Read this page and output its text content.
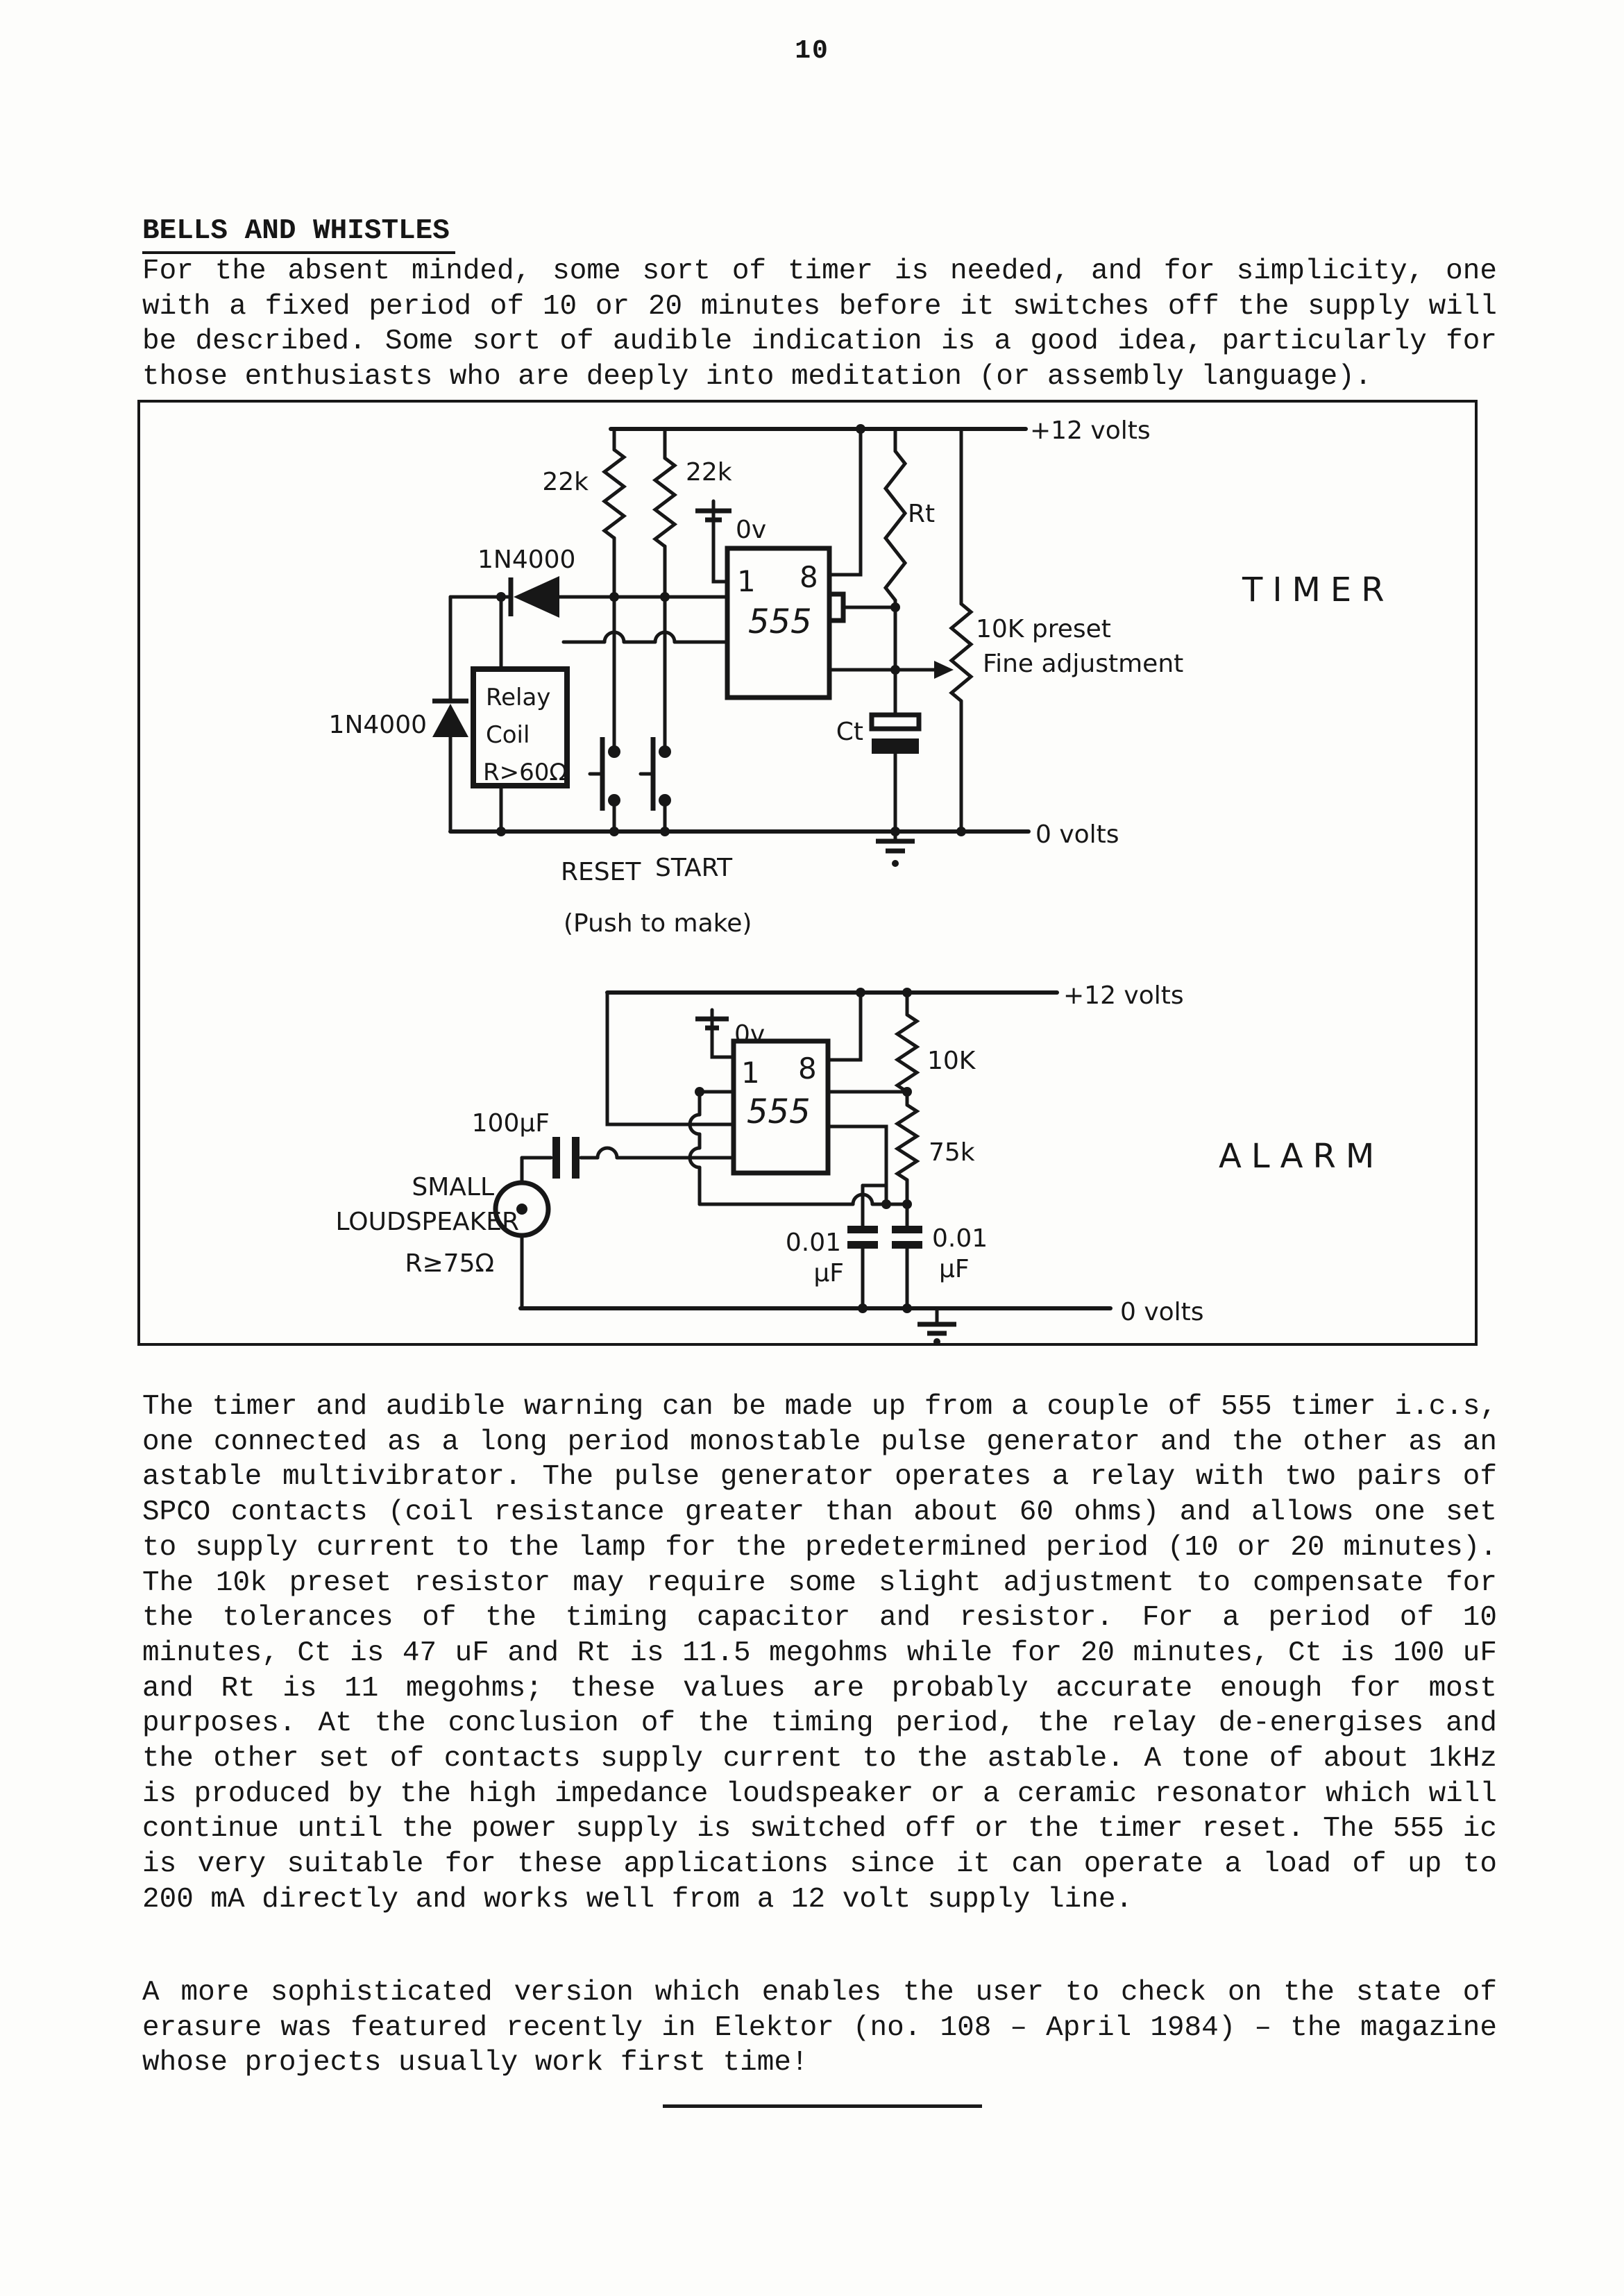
10
BELLS AND WHISTLES
For the absent minded, some sort of timer is needed, and for simplicity, one with a fixed period of 10 or 20 minutes before it switches off the supply will be described. Some sort of audible indication is a good idea, particularly for those enthusiasts who are deeply into meditation (or assembly language).
+12 volts
22k	22k
0v
1 8
555
Rt
Ct
10K preset
Fine adjustment
1N4000
1N4000
Relay
Coil
R>60Ω
RESET START
(Push to make)
0 volts
TIMER
+12 volts
0v
1 8
555
10K
75k
0.01
µF
0.01
µF
100µF
SMALL
LOUDSPEAKER
R≥75Ω
0 volts
ALARM
The timer and audible warning can be made up from a couple of 555 timer i.c.s, one connected as a long period monostable pulse generator and the other as an astable multivibrator. The pulse generator operates a relay with two pairs of SPCO contacts (coil resistance greater than about 60 ohms) and allows one set to supply current to the lamp for the predetermined period (10 or 20 minutes). The 10k preset resistor may require some slight adjustment to compensate for the tolerances of the timing capacitor and resistor. For a period of 10 minutes, Ct is 47 uF and Rt is 11.5 megohms while for 20 minutes, Ct is 100 uF and Rt is 11 megohms; these values are probably accurate enough for most purposes. At the conclusion of the timing period, the relay de-energises and the other set of contacts supply current to the astable. A tone of about 1kHz is produced by the high impedance loudspeaker or a ceramic resonator which will continue until the power supply is switched off or the timer reset. The 555 ic is very suitable for these applications since it can operate a load of up to 200 mA directly and works well from a 12 volt supply line.
A more sophisticated version which enables the user to check on the state of erasure was featured recently in Elektor (no. 108 – April 1984) – the magazine whose projects usually work first time!
